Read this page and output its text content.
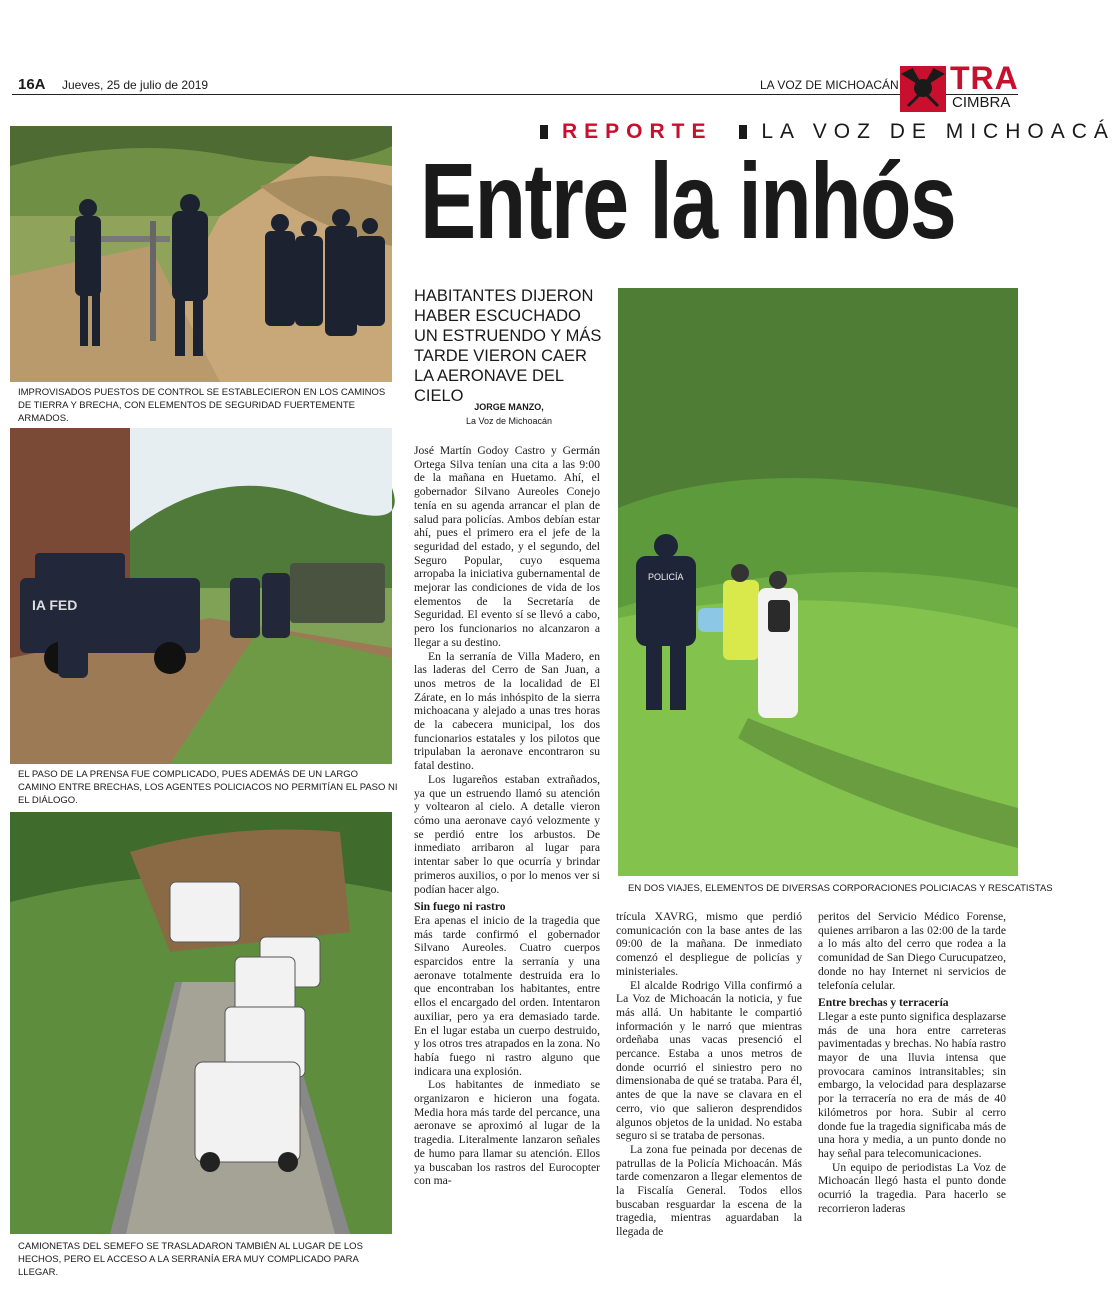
16A Jueves, 25 de julio de 2019	LA VOZ DE MICHOACÁN TRA
CIMBRA
REPORTE LA VOZ DE MICHOACÁ
Entre la inhós
IMPROVISADOS PUESTOS DE CONTROL SE ESTABLECIERON EN LOS CAMINOS DE TIERRA Y BRECHA, CON ELEMENTOS DE SEGURIDAD FUERTEMENTE ARMADOS.
IA FED
EL PASO DE LA PRENSA FUE COMPLICADO, PUES ADEMÁS DE UN LARGO CAMINO ENTRE BRECHAS, LOS AGENTES POLICIACOS NO PERMITÍAN EL PASO NI EL DIÁLOGO.
CAMIONETAS DEL SEMEFO SE TRASLADARON TAMBIÉN AL LUGAR DE LOS HECHOS, PERO EL ACCESO A LA SERRANÍA ERA MUY COMPLICADO PARA LLEGAR.
POLICÍA
EN DOS VIAJES, ELEMENTOS DE DIVERSAS CORPORACIONES POLICIACAS Y RESCATISTAS
HABITANTES DIJERON HABER ESCUCHADO UN ESTRUENDO Y MÁS TARDE VIERON CAER LA AERONAVE DEL CIELO
JORGE MANZO,
La Voz de Michoacán

José Martín Godoy Castro y Germán Ortega Silva tenían una cita a las 9:00 de la mañana en Huetamo. Ahí, el gobernador Silvano Aureoles Conejo tenía en su agenda arrancar el plan de salud para policías. Ambos debían estar ahí, pues el primero era el jefe de la seguridad del estado, y el segundo, del Seguro Popular, cuyo esquema arropaba la iniciativa gubernamental de mejorar las condiciones de vida de los elementos de la Secretaría de Seguridad. El evento sí se llevó a cabo, pero los funcionarios no alcanzaron a llegar a su destino.

En la serranía de Villa Madero, en las laderas del Cerro de San Juan, a unos metros de la localidad de El Zárate, en lo más inhóspito de la sierra michoacana y alejado a unas tres horas de la cabecera municipal, los dos funcionarios estatales y los pilotos que tripulaban la aeronave encontraron su fatal destino.

Los lugareños estaban extrañados, ya que un estruendo llamó su atención y voltearon al cielo. A detalle vieron cómo una aeronave cayó velozmente y se perdió entre los arbustos. De inmediato arribaron al lugar para intentar saber lo que ocurría y brindar primeros auxilios, o por lo menos ver si podían hacer algo.

Sin fuego ni rastro

Era apenas el inicio de la tragedia que más tarde confirmó el gobernador Silvano Aureoles. Cuatro cuerpos esparcidos entre la serranía y una aeronave totalmente destruida era lo que encontraban los habitantes, entre ellos el encargado del orden. Intentaron auxiliar, pero ya era demasiado tarde. En el lugar estaba un cuerpo destruido, y los otros tres atrapados en la zona. No había fuego ni rastro alguno que indicara una explosión.

Los habitantes de inmediato se organizaron e hicieron una fogata. Media hora más tarde del percance, una aeronave se aproximó al lugar de la tragedia. Literalmente lanzaron señales de humo para llamar su atención. Ellos ya buscaban los rastros del Eurocopter con ma-

trícula XAVRG, mismo que perdió comunicación con la base antes de las 09:00 de la mañana. De inmediato comenzó el despliegue de policías y ministeriales.

El alcalde Rodrigo Villa confirmó a La Voz de Michoacán la noticia, y fue más allá. Un habitante le compartió información y le narró que mientras ordeñaba unas vacas presenció el percance. Estaba a unos metros de donde ocurrió el siniestro pero no dimensionaba de qué se trataba. Para él, antes de que la nave se clavara en el cerro, vio que salieron desprendidos algunos objetos de la unidad. No estaba seguro si se trataba de personas.

La zona fue peinada por decenas de patrullas de la Policía Michoacán. Más tarde comenzaron a llegar elementos de la Fiscalía General. Todos ellos buscaban resguardar la escena de la tragedia, mientras aguardaban la llegada de

peritos del Servicio Médico Forense, quienes arribaron a las 02:00 de la tarde a lo más alto del cerro que rodea a la comunidad de San Diego Curucupatzeo, donde no hay Internet ni servicios de telefonía celular.

Entre brechas y terracería

Llegar a este punto significa desplazarse más de una hora entre carreteras pavimentadas y brechas. No había rastro mayor de una lluvia intensa que provocara caminos intransitables; sin embargo, la velocidad para desplazarse por la terracería no era de más de 40 kilómetros por hora. Subir al cerro donde fue la tragedia significaba más de una hora y media, a un punto donde no hay señal para telecomunicaciones.

Un equipo de periodistas La Voz de Michoacán llegó hasta el punto donde ocurrió la tragedia. Para hacerlo se recorrieron laderas
